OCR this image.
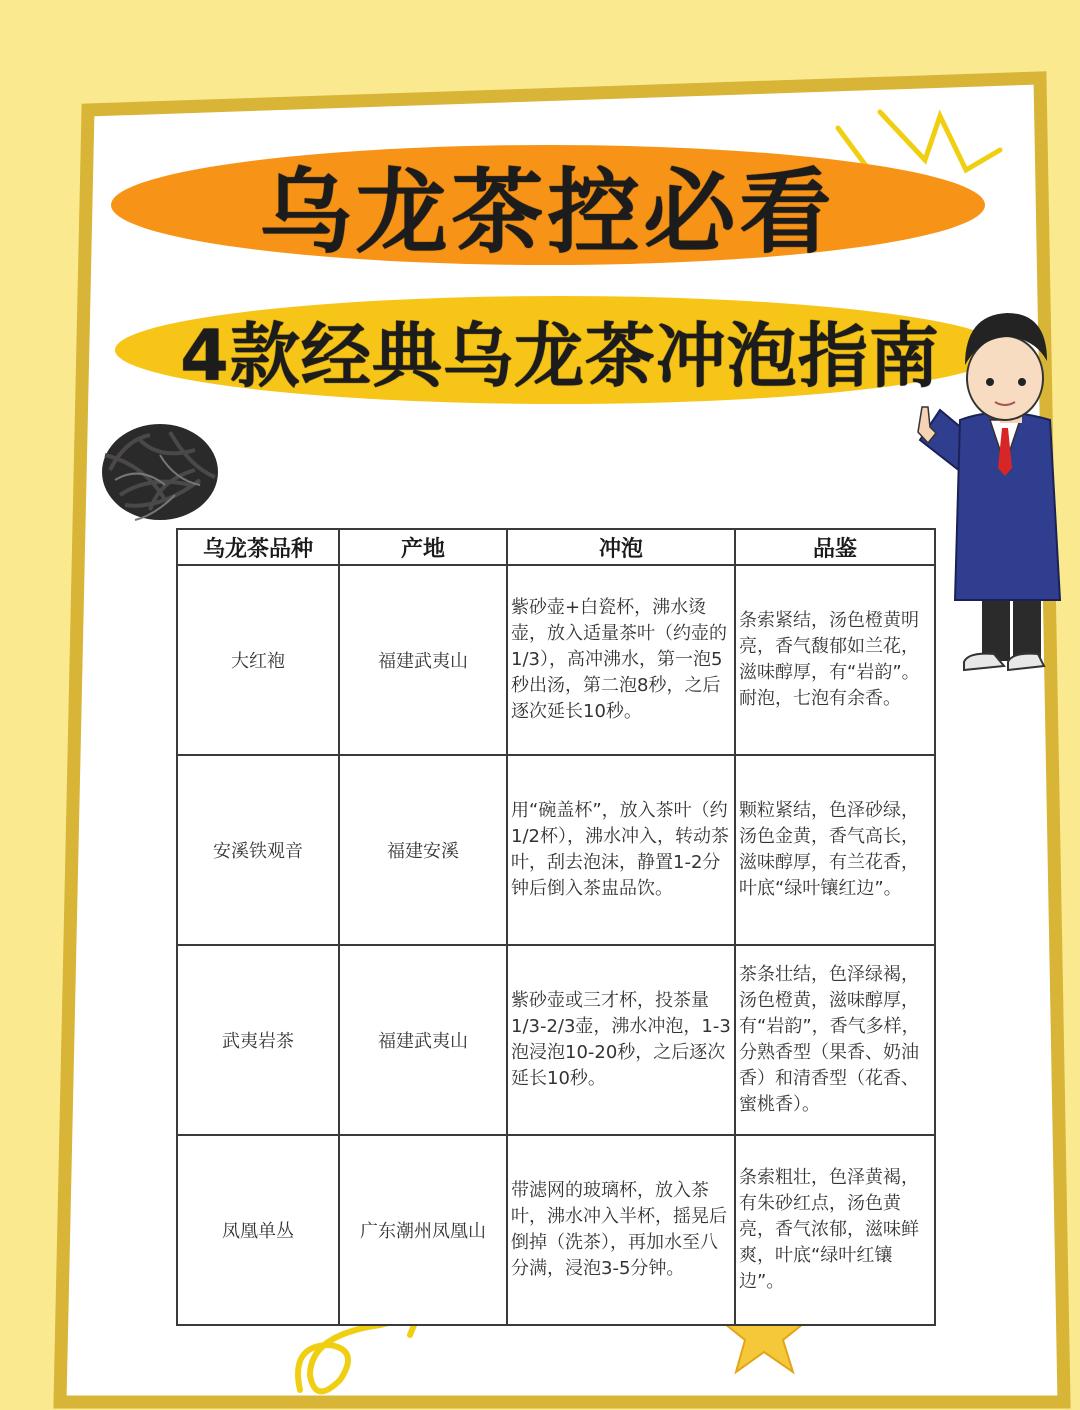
乌龙茶控必看
4款经典乌龙茶冲泡指南
乌龙茶品种	产地	冲泡	品鉴
大红袍	福建武夷山	紫砂壶+白瓷杯，沸水烫壶，放入适量茶叶（约壶的1/3），高冲沸水，第一泡5秒出汤，第二泡8秒，之后逐次延长10秒。	条索紧结，汤色橙黄明亮，香气馥郁如兰花，滋味醇厚，有“岩韵”。耐泡，七泡有余香。
安溪铁观音	福建安溪	用“碗盖杯”，放入茶叶（约1/2杯），沸水冲入，转动茶叶，刮去泡沫，静置1-2分钟后倒入茶盅品饮。	颗粒紧结，色泽砂绿，汤色金黄，香气高长，滋味醇厚，有兰花香，叶底“绿叶镶红边”。
武夷岩茶	福建武夷山	紫砂壶或三才杯，投茶量1/3-2/3壶，沸水冲泡，1-3泡浸泡10-20秒，之后逐次延长10秒。	茶条壮结，色泽绿褐，汤色橙黄，滋味醇厚，有“岩韵”，香气多样，分熟香型（果香、奶油香）和清香型（花香、蜜桃香）。
凤凰单丛	广东潮州凤凰山	带滤网的玻璃杯，放入茶叶，沸水冲入半杯，摇晃后倒掉（洗茶），再加水至八分满，浸泡3-5分钟。	条索粗壮，色泽黄褐，有朱砂红点，汤色黄亮，香气浓郁，滋味鲜爽，叶底“绿叶红镶边”。
